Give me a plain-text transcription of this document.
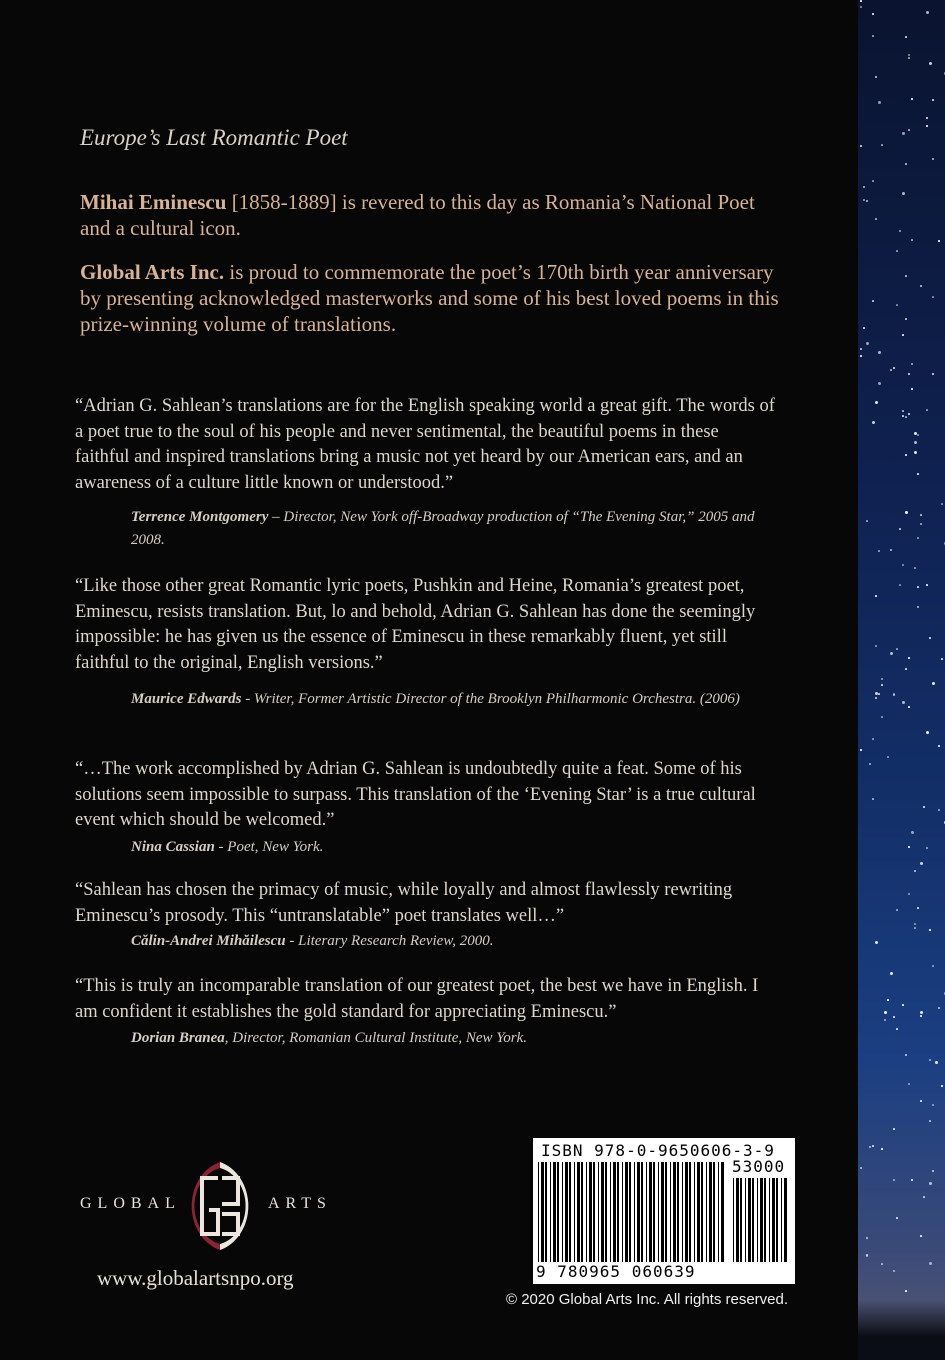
Europe’s Last Romantic Poet
Mihai Eminescu [1858-1889] is revered to this day as Romania’s National Poet and a cultural icon.
Global Arts Inc. is proud to commemorate the poet’s 170th birth year anniversary by presenting acknowledged masterworks and some of his best loved poems in this prize-winning volume of translations.
“Adrian G. Sahlean’s translations are for the English speaking world a great gift. The words of a poet true to the soul of his people and never sentimental, the beautiful poems in these faithful and inspired translations bring a music not yet heard by our American ears, and an awareness of a culture little known or understood.”
Terrence Montgomery – Director, New York off-Broadway production of “The Evening Star,” 2005 and 2008.
“Like those other great Romantic lyric poets, Pushkin and Heine, Romania’s greatest poet, Eminescu, resists translation. But, lo and behold, Adrian G. Sahlean has done the seemingly impossible: he has given us the essence of Eminescu in these remarkably fluent, yet still faithful to the original, English versions.”
Maurice Edwards - Writer, Former Artistic Director of the Brooklyn Philharmonic Orchestra. (2006)
“…The work accomplished by Adrian G. Sahlean is undoubtedly quite a feat. Some of his solutions seem impossible to surpass. This translation of the ‘Evening Star’ is a true cultural event which should be welcomed.”
Nina Cassian - Poet, New York.
“Sahlean has chosen the primacy of music, while loyally and almost flawlessly rewriting Eminescu’s prosody. This “untranslatable” poet translates well…”
Călin-Andrei Mihăilescu - Literary Research Review, 2000.
“This is truly an incomparable translation of our greatest poet, the best we have in English. I am confident it establishes the gold standard for appreciating Eminescu.”
Dorian Branea, Director, Romanian Cultural Institute, New York.
GLOBAL	ARTS
www.globalartsnpo.org
ISBN 978-0-9650606-3-9
53000
9 780965 060639
© 2020 Global Arts Inc. All rights reserved.
